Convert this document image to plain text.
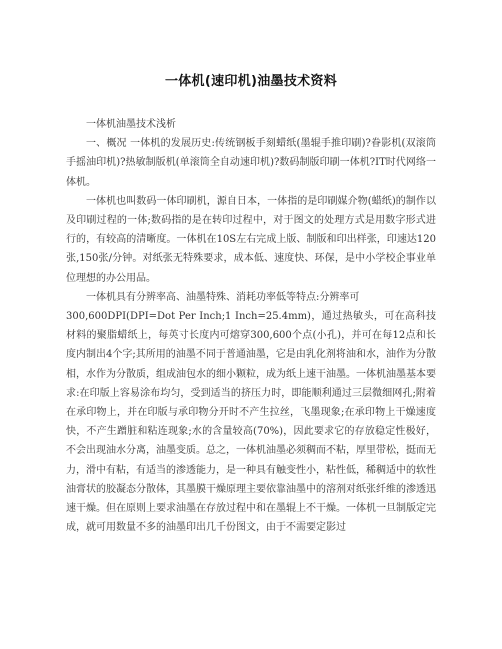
一体机(速印机)油墨技术资料

一体机油墨技术浅析

一、概况 一体机的发展历史:传统钢板手刻蜡纸(墨辊手推印刷)?眷影机(双滚筒手摇油印机)?热敏制版机(单滚筒全自动速印机)?数码制版印刷一体机?IT时代网络一体机。

一体机也叫数码一体印刷机，源自日本，一体指的是印刷媒介物(蜡纸)的制作以及印刷过程的一体;数码指的是在转印过程中，对于图文的处理方式是用数字形式进行的，有较高的清晰度。一体机在10S左右完成上版、制版和印出样张，印速达120张,150张/分钟。对纸张无特殊要求，成本低、速度快、环保，是中小学校企事业单位理想的办公用品。

一体机具有分辨率高、油墨特殊、消耗功率低等特点:分辨率可

300,600DPI(DPI=Dot Per Inch;1 Inch=25.4mm)，通过热敏头，可在高科技材料的聚脂蜡纸上，每英寸长度内可熔穿300,600个点(小孔)，并可在每12点和长度内制出4个字;其所用的油墨不同于普通油墨，它是由乳化剂将油和水，油作为分散相，水作为分散质，组成油包水的细小颗粒，成为纸上速干油墨。一体机油墨基本要求:在印版上容易涂布均匀，受到适当的挤压力时，即能顺利通过三层微细网孔;附着在承印物上，并在印版与承印物分开时不产生拉丝，飞墨现象;在承印物上干燥速度快，不产生蹭脏和粘连现象;水的含量较高(70%)，因此要求它的存放稳定性极好，不会出现油水分离，油墨变质。总之，一体机油墨必须稠而不粘，厚里带松，挺而无力，滑中有粘，有适当的渗透能力，是一种具有触变性小，粘性低，稀稠适中的软性油膏状的胶凝态分散体，其墨膜干燥原理主要依靠油墨中的溶剂对纸张纤维的渗透迅速干燥。但在原则上要求油墨在存放过程中和在墨辊上不干燥。一体机一旦制版定完成，就可用数量不多的油墨印出几千份图文，由于不需要定影过
